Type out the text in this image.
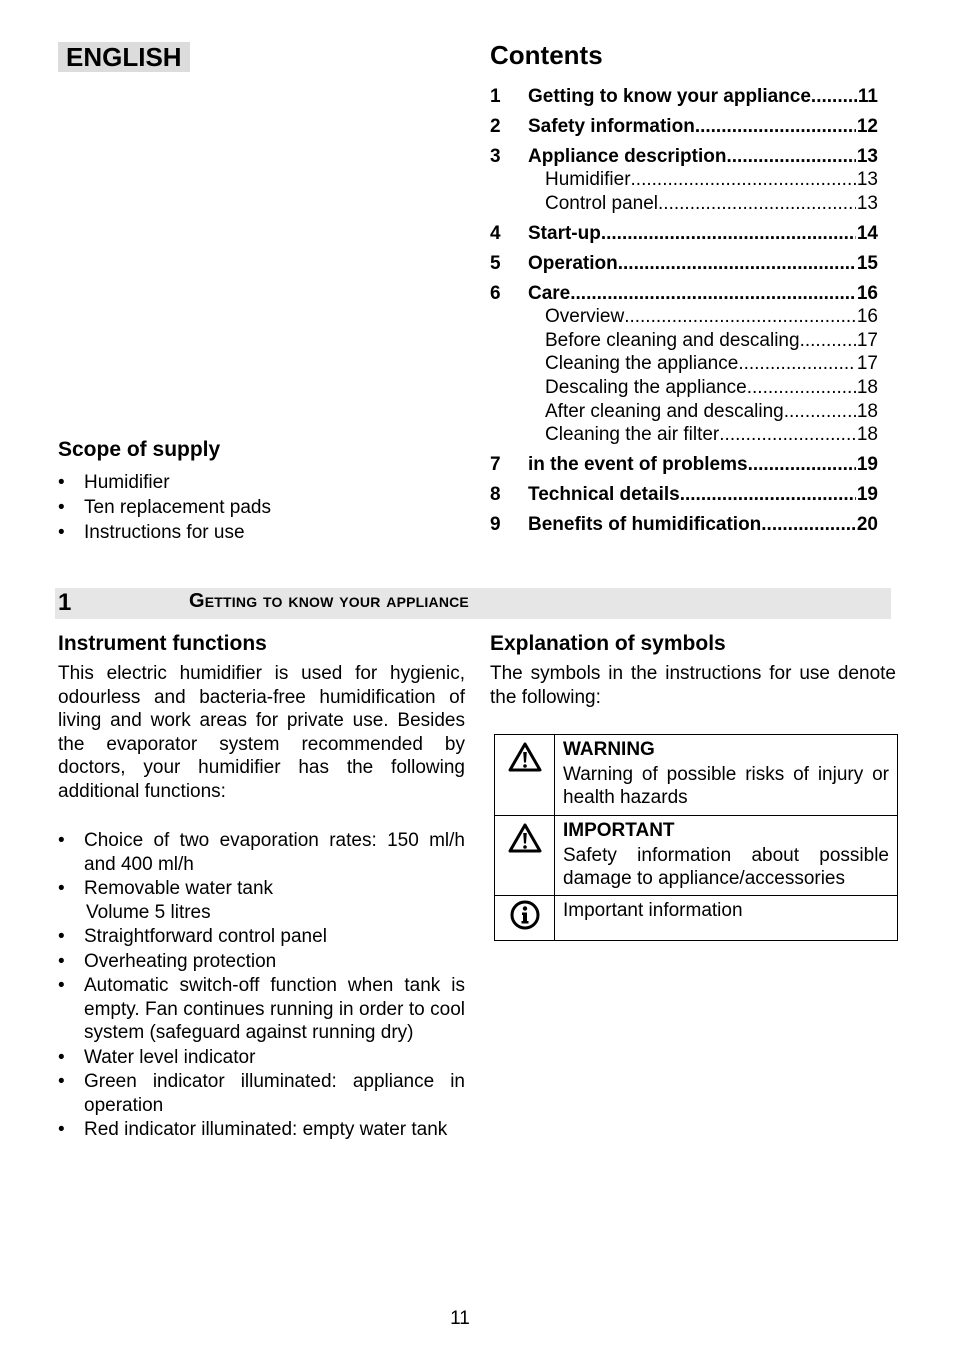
ENGLISH	Contents
1	Getting to know your appliance ..... 11
2	Safety information .....	12
3	Appliance description .....	13
Humidifier .....	13
Control panel .....	13
4	Start-up .....	14
5	Operation .....	15
6	Care .....	16
Overview .....	16
Before cleaning and descaling .....	17
Cleaning the appliance .....	17
Descaling the appliance .....	18
After cleaning and descaling .....	18
Cleaning the air filter .....	18
7	in the event of problems .....	19
8	Technical details .....	19
9	Benefits of humidification .....	20
Scope of supply
• Humidifier
• Ten replacement pads
• Instructions for use
1	Getting to know your appliance
Instrument functions
This electric humidifier is used for hygienic, odourless and bacteria-free humidification of living and work areas for private use. Besides the evaporator system recommended by doctors, your humidifier has the following additional functions:
• Choice of two evaporation rates: 150 ml/h and 400 ml/h
• Removable water tank
Volume 5 litres
• Straightforward control panel
• Overheating protection
• Automatic switch-off function when tank is empty. Fan continues running in order to cool system (safeguard against running dry)
• Water level indicator
• Green indicator illuminated: appliance in operation
• Red indicator illuminated: empty water tank
Explanation of symbols
The symbols in the instructions for use denote the following:

WARNING
Warning of possible risks of injury or health hazards

IMPORTANT
Safety information about possible damage to appliance/accessories

Important information
11
